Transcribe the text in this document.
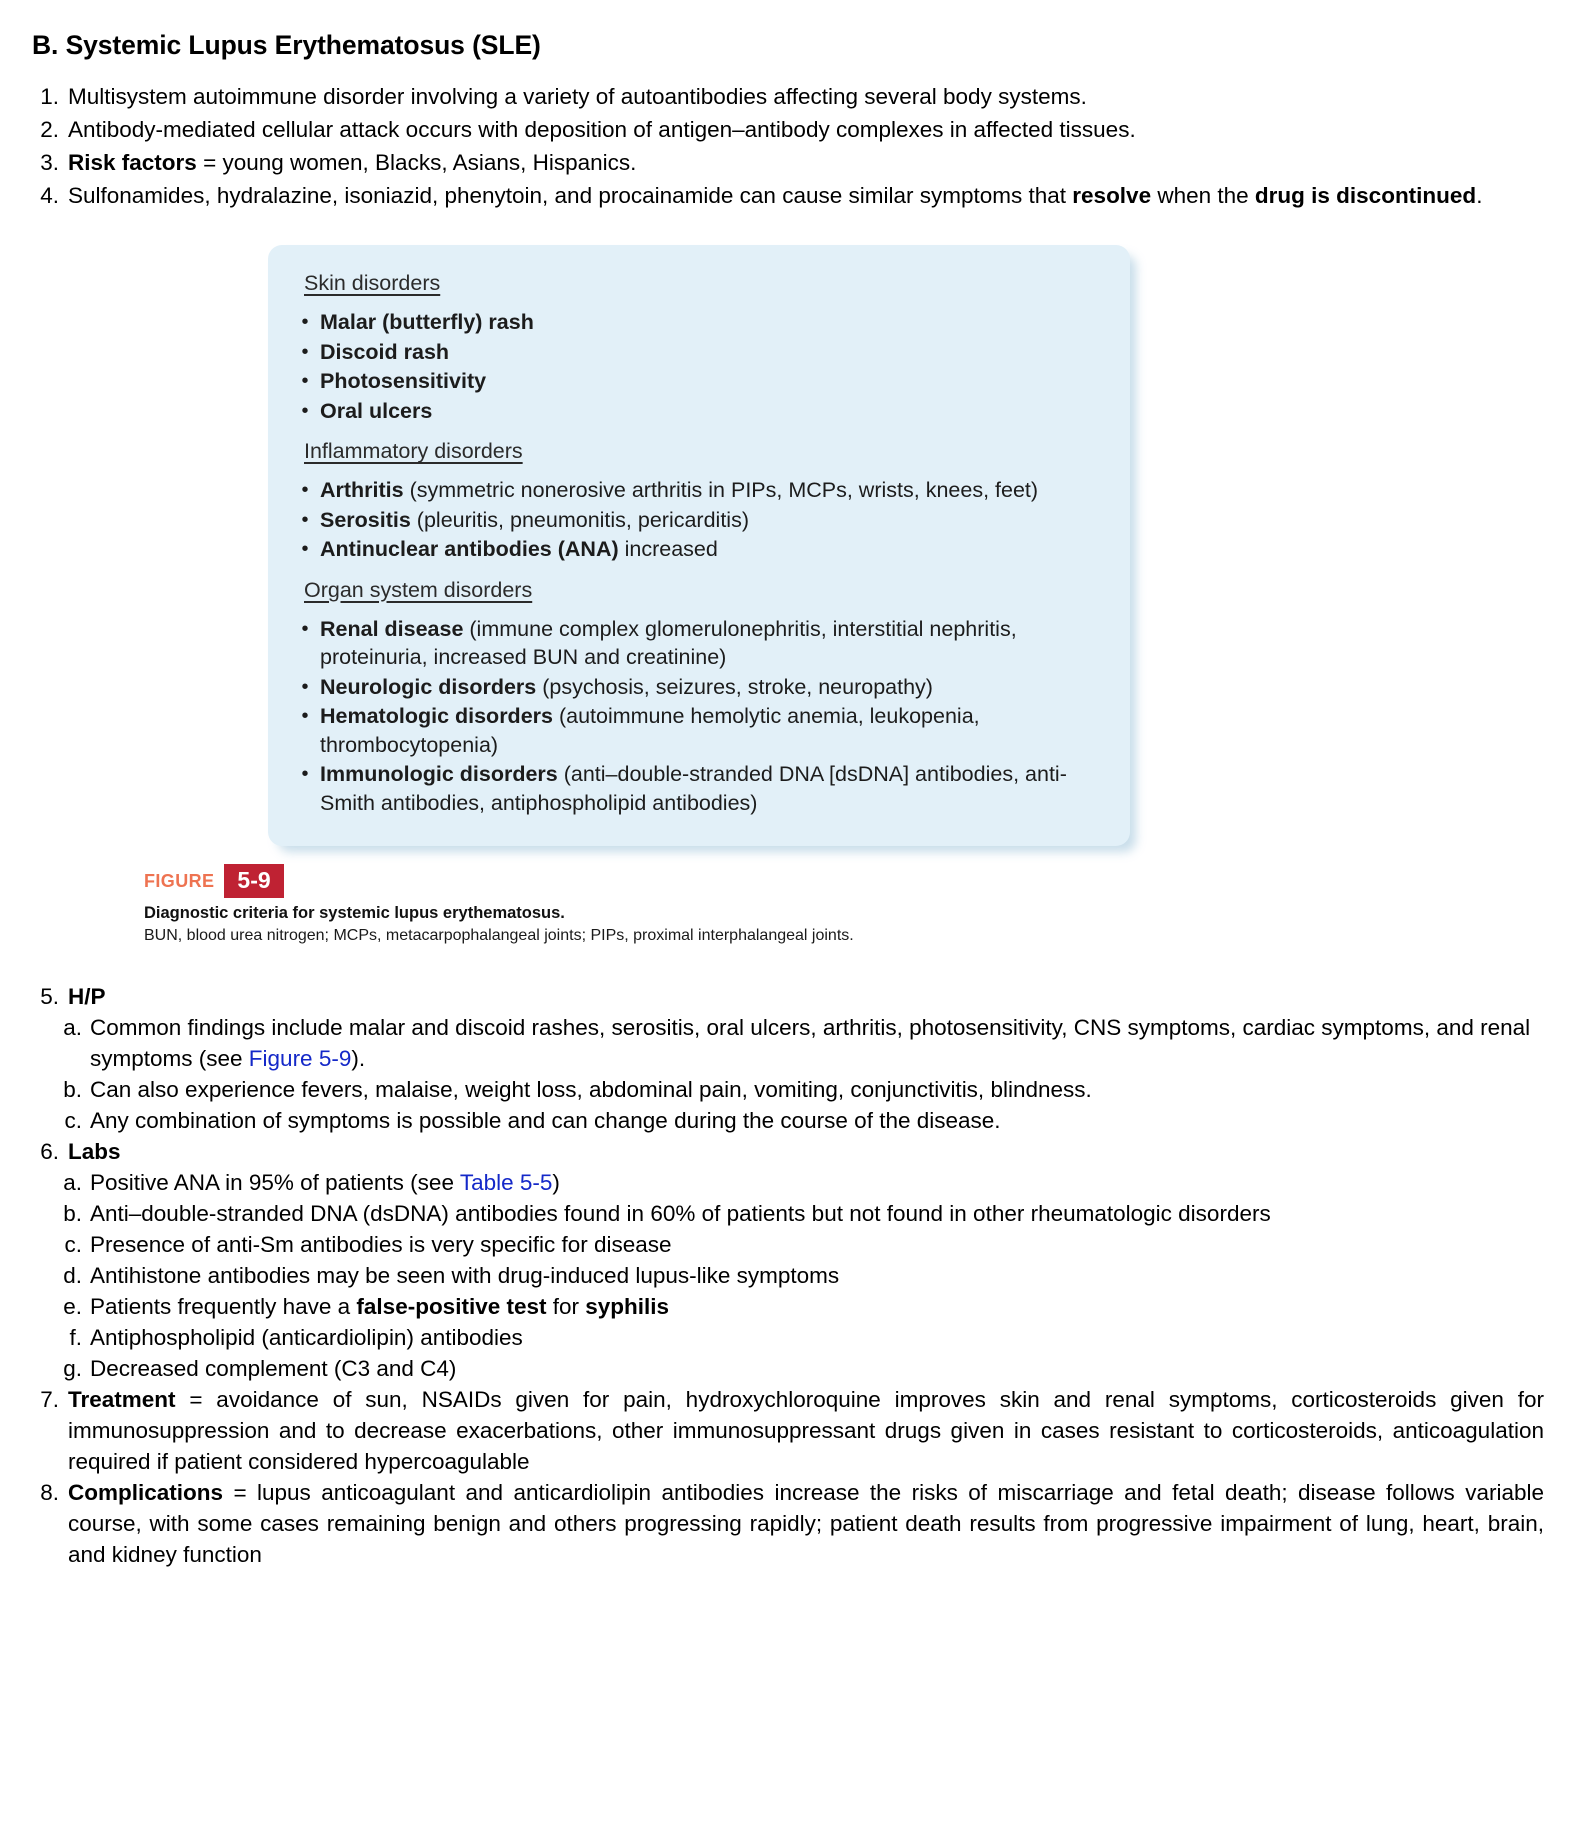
B. Systemic Lupus Erythematosus (SLE)
1. Multisystem autoimmune disorder involving a variety of autoantibodies affecting several body systems.
2. Antibody-mediated cellular attack occurs with deposition of antigen–antibody complexes in affected tissues.
3. Risk factors = young women, Blacks, Asians, Hispanics.
4. Sulfonamides, hydralazine, isoniazid, phenytoin, and procainamide can cause similar symptoms that resolve when the drug is discontinued.
Skin disorders
• Malar (butterfly) rash
• Discoid rash
• Photosensitivity
• Oral ulcers
Inflammatory disorders
• Arthritis (symmetric nonerosive arthritis in PIPs, MCPs, wrists, knees, feet)
• Serositis (pleuritis, pneumonitis, pericarditis)
• Antinuclear antibodies (ANA) increased
Organ system disorders
• Renal disease (immune complex glomerulonephritis, interstitial nephritis, proteinuria, increased BUN and creatinine)
• Neurologic disorders (psychosis, seizures, stroke, neuropathy)
• Hematologic disorders (autoimmune hemolytic anemia, leukopenia, thrombocytopenia)
• Immunologic disorders (anti–double-stranded DNA [dsDNA] antibodies, anti-Smith antibodies, antiphospholipid antibodies)
FIGURE	5-9
Diagnostic criteria for systemic lupus erythematosus.
BUN, blood urea nitrogen; MCPs, metacarpophalangeal joints; PIPs, proximal interphalangeal joints.
5. H/P
a. Common findings include malar and discoid rashes, serositis, oral ulcers, arthritis, photosensitivity, CNS symptoms, cardiac symptoms, and renal symptoms (see Figure 5-9).
b. Can also experience fevers, malaise, weight loss, abdominal pain, vomiting, conjunctivitis, blindness.
c. Any combination of symptoms is possible and can change during the course of the disease.
6. Labs
a. Positive ANA in 95% of patients (see Table 5-5)
b. Anti–double-stranded DNA (dsDNA) antibodies found in 60% of patients but not found in other rheumatologic disorders
c. Presence of anti-Sm antibodies is very specific for disease
d. Antihistone antibodies may be seen with drug-induced lupus-like symptoms
e. Patients frequently have a false-positive test for syphilis
f. Antiphospholipid (anticardiolipin) antibodies
g. Decreased complement (C3 and C4)
7. Treatment = avoidance of sun, NSAIDs given for pain, hydroxychloroquine improves skin and renal symptoms, corticosteroids given for immunosuppression and to decrease exacerbations, other immunosuppressant drugs given in cases resistant to corticosteroids, anticoagulation required if patient considered hypercoagulable
8. Complications = lupus anticoagulant and anticardiolipin antibodies increase the risks of miscarriage and fetal death; disease follows variable course, with some cases remaining benign and others progressing rapidly; patient death results from progressive impairment of lung, heart, brain, and kidney function
